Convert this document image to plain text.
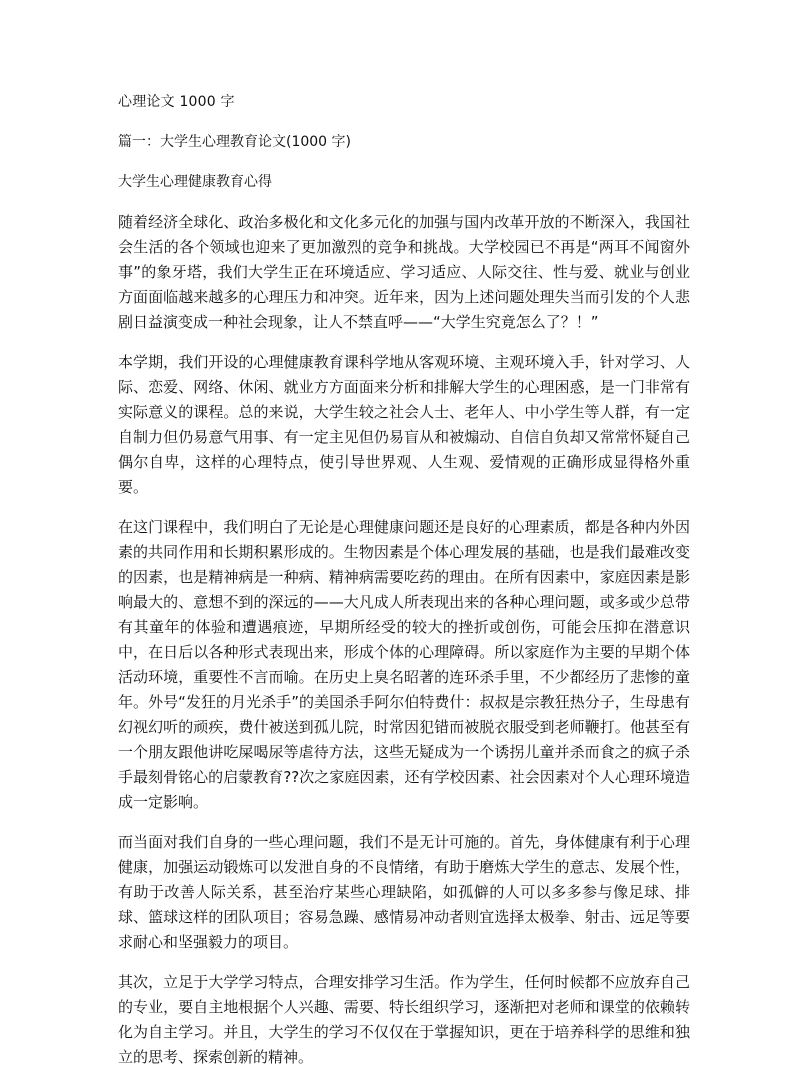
心理论文 1000 字
篇一：大学生心理教育论文(1000 字)
大学生心理健康教育心得

随着经济全球化、政治多极化和文化多元化的加强与国内改革开放的不断深入，我国社会生活的各个领域也迎来了更加激烈的竞争和挑战。大学校园已不再是“两耳不闻窗外事”的象牙塔，我们大学生正在环境适应、学习适应、人际交往、性与爱、就业与创业方面面临越来越多的心理压力和冲突。近年来，因为上述问题处理失当而引发的个人悲剧日益演变成一种社会现象，让人不禁直呼——“大学生究竟怎么了？！”

本学期，我们开设的心理健康教育课科学地从客观环境、主观环境入手，针对学习、人际、恋爱、网络、休闲、就业方方面面来分析和排解大学生的心理困惑，是一门非常有实际意义的课程。总的来说，大学生较之社会人士、老年人、中小学生等人群，有一定自制力但仍易意气用事、有一定主见但仍易盲从和被煽动、自信自负却又常常怀疑自己偶尔自卑，这样的心理特点，使引导世界观、人生观、爱情观的正确形成显得格外重要。

在这门课程中，我们明白了无论是心理健康问题还是良好的心理素质，都是各种内外因素的共同作用和长期积累形成的。生物因素是个体心理发展的基础，也是我们最难改变的因素，也是精神病是一种病、精神病需要吃药的理由。在所有因素中，家庭因素是影响最大的、意想不到的深远的——大凡成人所表现出来的各种心理问题，或多或少总带有其童年的体验和遭遇痕迹，早期所经受的较大的挫折或创伤，可能会压抑在潜意识中，在日后以各种形式表现出来，形成个体的心理障碍。所以家庭作为主要的早期个体活动环境，重要性不言而喻。在历史上臭名昭著的连环杀手里，不少都经历了悲惨的童年。外号“发狂的月光杀手”的美国杀手阿尔伯特费什：叔叔是宗教狂热分子，生母患有幻视幻听的顽疾，费什被送到孤儿院，时常因犯错而被脱衣服受到老师鞭打。他甚至有一个朋友跟他讲吃屎喝尿等虐待方法，这些无疑成为一个诱拐儿童并杀而食之的疯子杀手最刻骨铭心的启蒙教育??次之家庭因素，还有学校因素、社会因素对个人心理环境造成一定影响。

而当面对我们自身的一些心理问题，我们不是无计可施的。首先，身体健康有利于心理健康，加强运动锻炼可以发泄自身的不良情绪，有助于磨炼大学生的意志、发展个性，有助于改善人际关系，甚至治疗某些心理缺陷，如孤僻的人可以多多参与像足球、排球、篮球这样的团队项目；容易急躁、感情易冲动者则宜选择太极拳、射击、远足等要求耐心和坚强毅力的项目。

其次，立足于大学学习特点，合理安排学习生活。作为学生，任何时候都不应放弃自己的专业，要自主地根据个人兴趣、需要、特长组织学习，逐渐把对老师和课堂的依赖转化为自主学习。并且，大学生的学习不仅仅在于掌握知识，更在于培养科学的思维和独立的思考、探索创新的精神。
